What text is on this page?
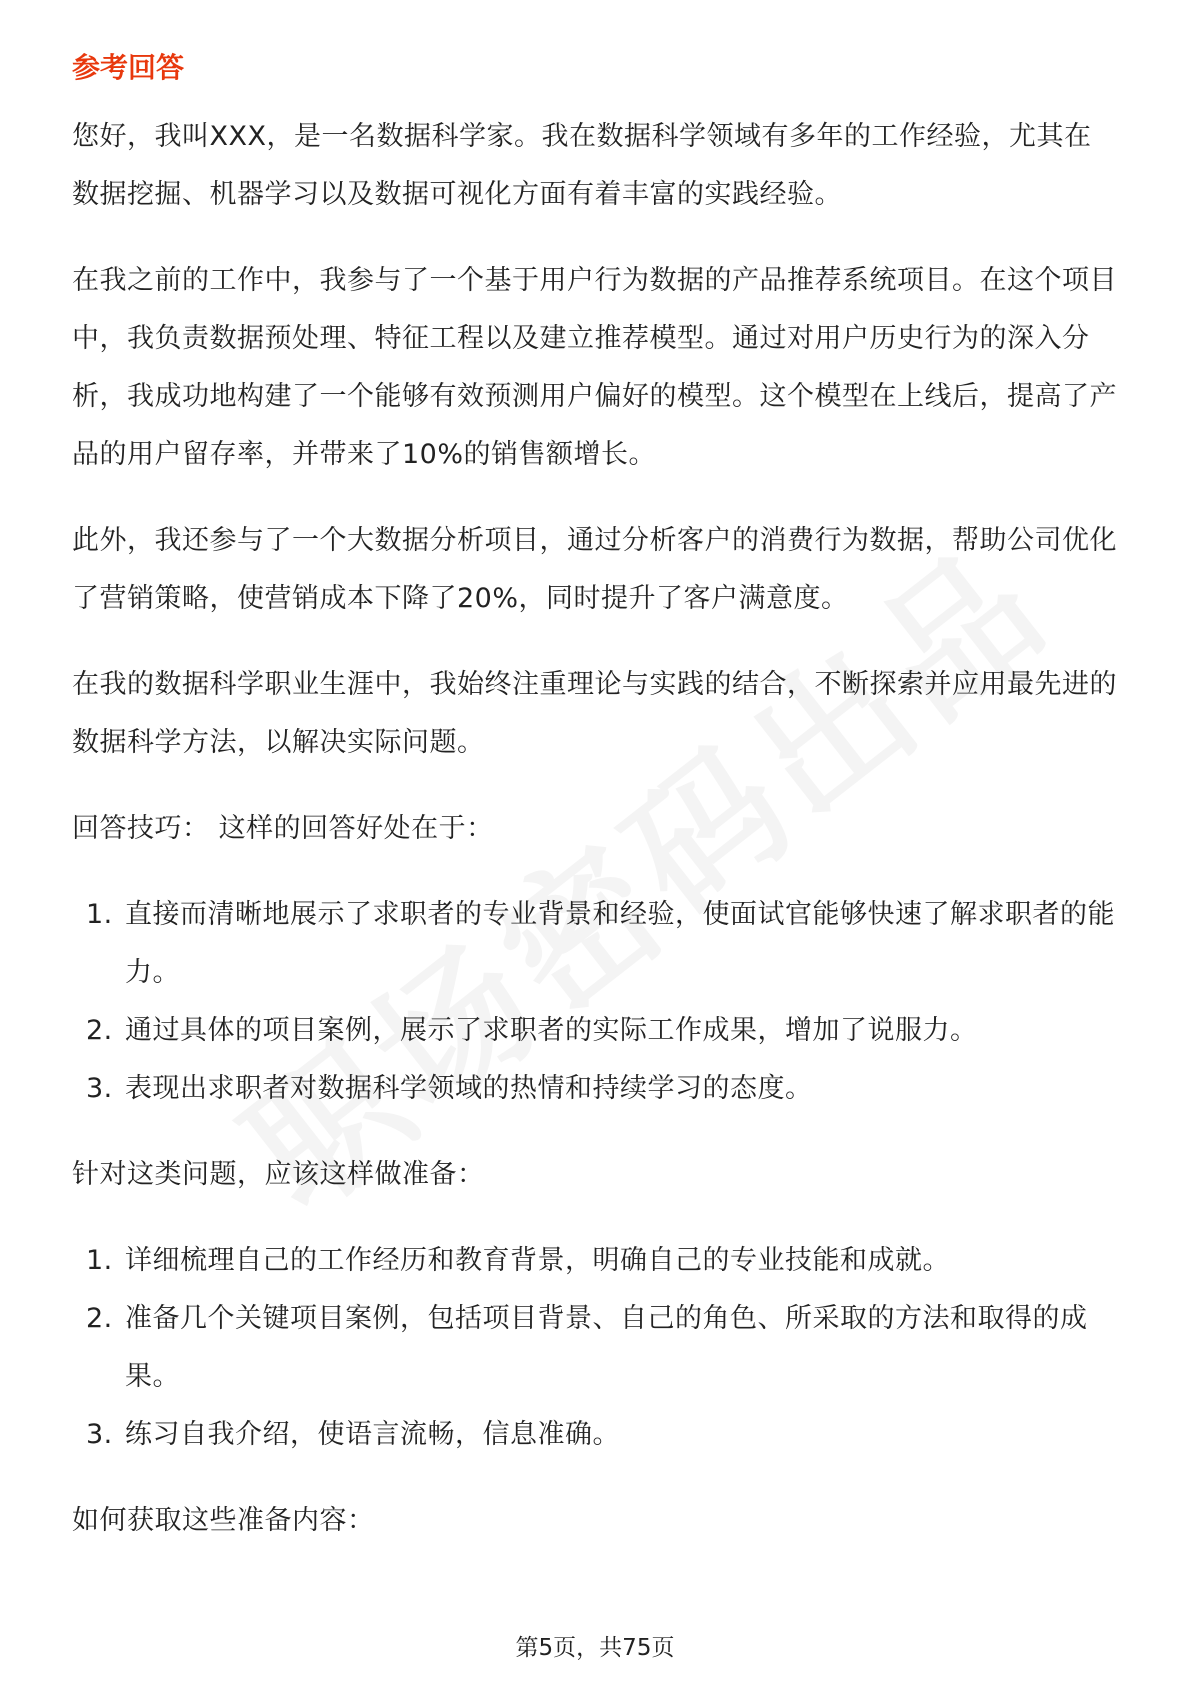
参考回答

您好，我叫XXX，是一名数据科学家。我在数据科学领域有多年的工作经验，尤其在数据挖掘、机器学习以及数据可视化方面有着丰富的实践经验。

在我之前的工作中，我参与了一个基于用户行为数据的产品推荐系统项目。在这个项目中，我负责数据预处理、特征工程以及建立推荐模型。通过对用户历史行为的深入分析，我成功地构建了一个能够有效预测用户偏好的模型。这个模型在上线后，提高了产品的用户留存率，并带来了10%的销售额增长。

此外，我还参与了一个大数据分析项目，通过分析客户的消费行为数据，帮助公司优化了营销策略，使营销成本下降了20%，同时提升了客户满意度。

在我的数据科学职业生涯中，我始终注重理论与实践的结合，不断探索并应用最先进的数据科学方法，以解决实际问题。

回答技巧： 这样的回答好处在于：

1. 直接而清晰地展示了求职者的专业背景和经验，使面试官能够快速了解求职者的能力。
2. 通过具体的项目案例，展示了求职者的实际工作成果，增加了说服力。
3. 表现出求职者对数据科学领域的热情和持续学习的态度。

针对这类问题，应该这样做准备：

1. 详细梳理自己的工作经历和教育背景，明确自己的专业技能和成就。
2. 准备几个关键项目案例，包括项目背景、自己的角色、所采取的方法和取得的成果。
3. 练习自我介绍，使语言流畅，信息准确。

如何获取这些准备内容：

第5页，共75页
